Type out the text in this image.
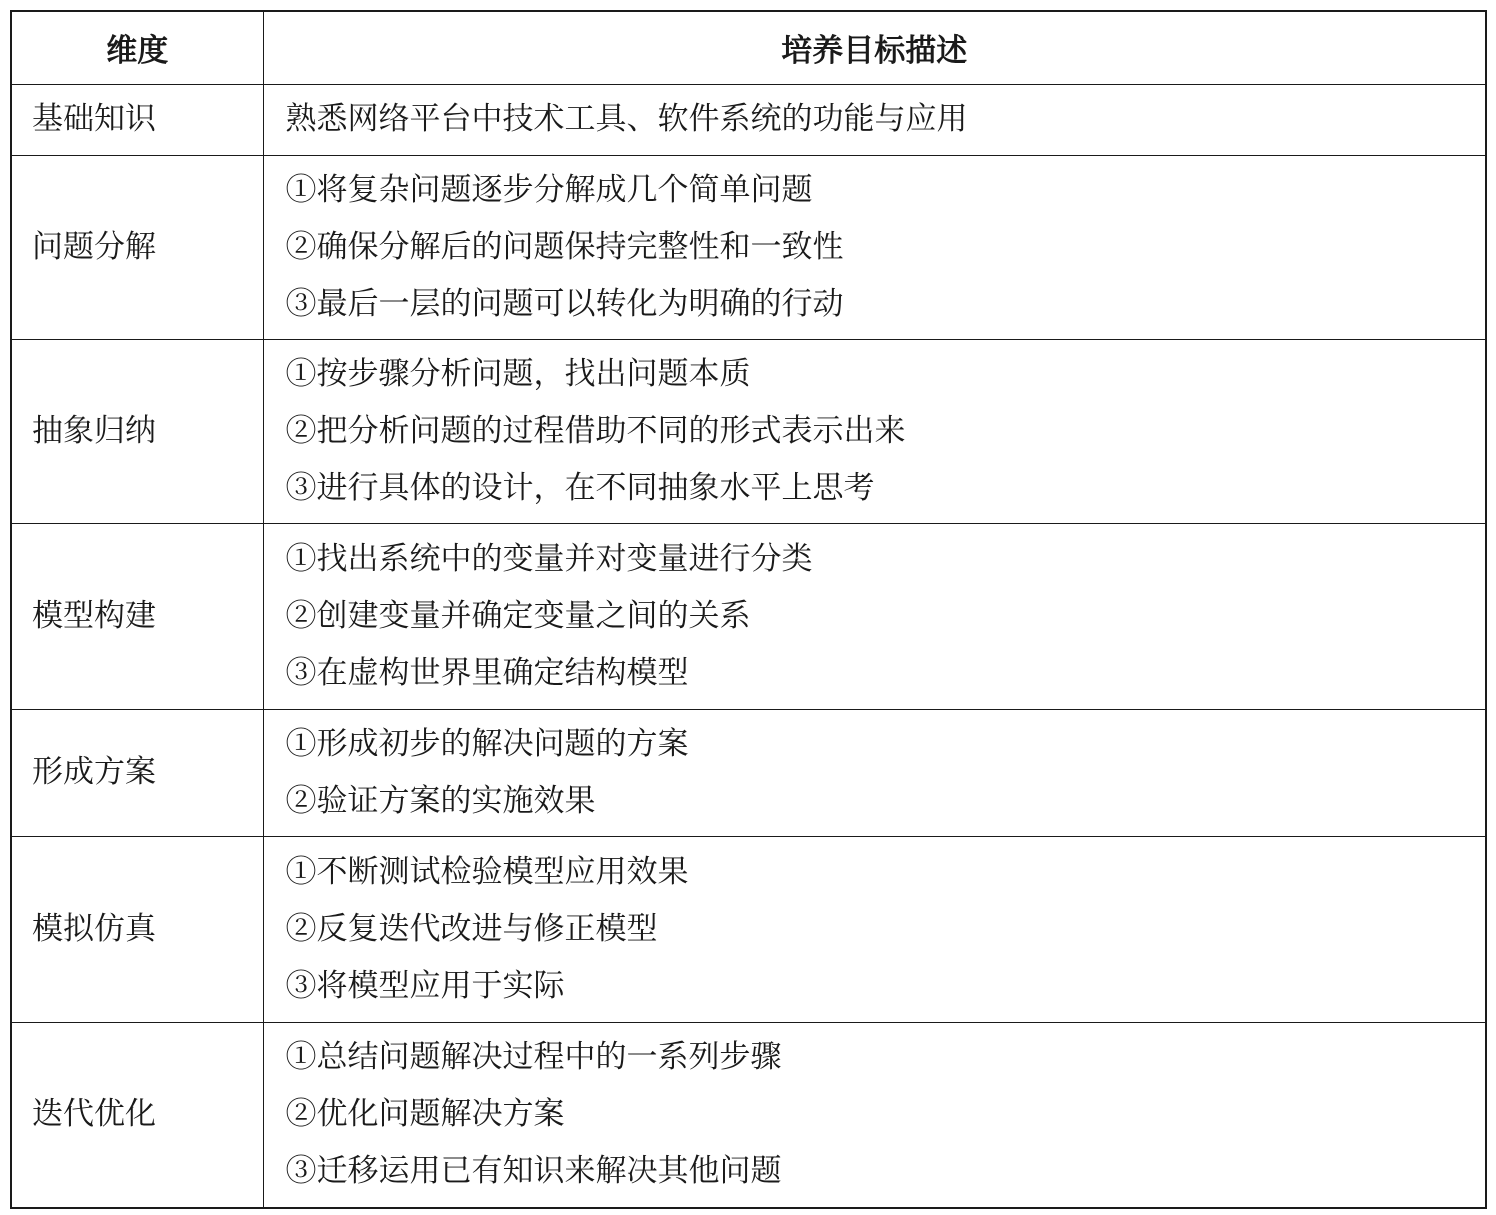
维度	培养目标描述
基础知识	熟悉网络平台中技术工具、软件系统的功能与应用

问题分解	①将复杂问题逐步分解成几个简单问题
②确保分解后的问题保持完整性和一致性
③最后一层的问题可以转化为明确的行动

抽象归纳	①按步骤分析问题，找出问题本质
②把分析问题的过程借助不同的形式表示出来
③进行具体的设计，在不同抽象水平上思考

模型构建	①找出系统中的变量并对变量进行分类
②创建变量并确定变量之间的关系
③在虚构世界里确定结构模型

形成方案	①形成初步的解决问题的方案
②验证方案的实施效果

模拟仿真	①不断测试检验模型应用效果
②反复迭代改进与修正模型
③将模型应用于实际

迭代优化	①总结问题解决过程中的一系列步骤
②优化问题解决方案
③迁移运用已有知识来解决其他问题
